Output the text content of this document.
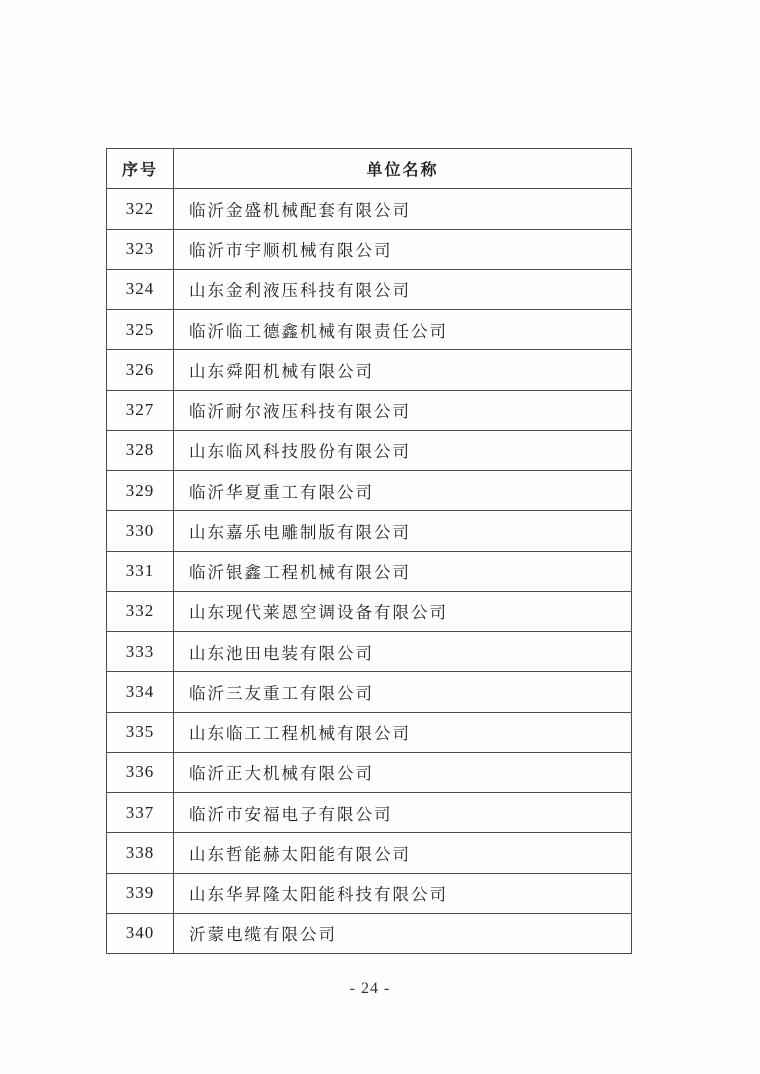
序号	单位名称
322	临沂金盛机械配套有限公司
323	临沂市宇顺机械有限公司
324	山东金利液压科技有限公司
325	临沂临工德鑫机械有限责任公司
326	山东舜阳机械有限公司
327	临沂耐尔液压科技有限公司
328	山东临风科技股份有限公司
329	临沂华夏重工有限公司
330	山东嘉乐电雕制版有限公司
331	临沂银鑫工程机械有限公司
332	山东现代莱恩空调设备有限公司
333	山东池田电装有限公司
334	临沂三友重工有限公司
335	山东临工工程机械有限公司
336	临沂正大机械有限公司
337	临沂市安福电子有限公司
338	山东哲能赫太阳能有限公司
339	山东华昇隆太阳能科技有限公司
340	沂蒙电缆有限公司
- 24 -
